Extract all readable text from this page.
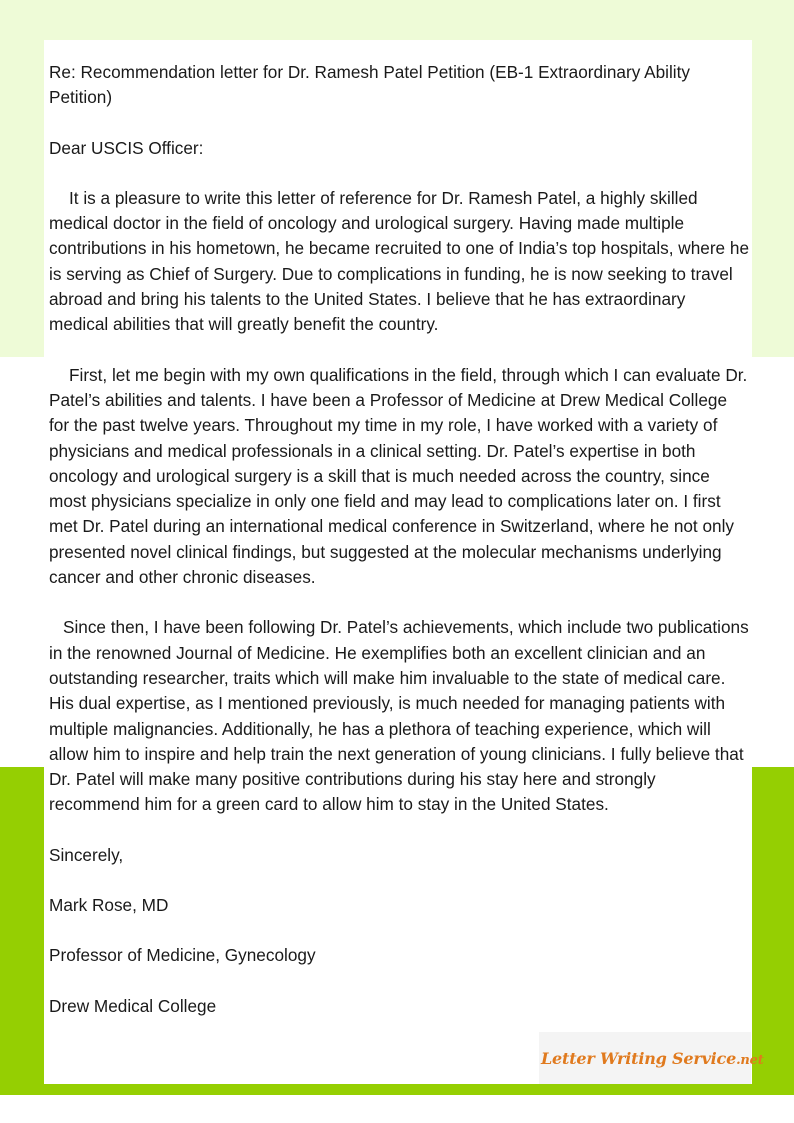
Re: Recommendation letter for Dr. Ramesh Patel Petition (EB-1 Extraordinary Ability Petition)

Dear USCIS Officer:

It is a pleasure to write this letter of reference for Dr. Ramesh Patel, a highly skilled medical doctor in the field of oncology and urological surgery. Having made multiple contributions in his hometown, he became recruited to one of India’s top hospitals, where he is serving as Chief of Surgery. Due to complications in funding, he is now seeking to travel abroad and bring his talents to the United States. I believe that he has extraordinary medical abilities that will greatly benefit the country.

First, let me begin with my own qualifications in the field, through which I can evaluate Dr. Patel’s abilities and talents. I have been a Professor of Medicine at Drew Medical College for the past twelve years. Throughout my time in my role, I have worked with a variety of physicians and medical professionals in a clinical setting. Dr. Patel’s expertise in both oncology and urological surgery is a skill that is much needed across the country, since most physicians specialize in only one field and may lead to complications later on. I first met Dr. Patel during an international medical conference in Switzerland, where he not only presented novel clinical findings, but suggested at the molecular mechanisms underlying cancer and other chronic diseases.

Since then, I have been following Dr. Patel’s achievements, which include two publications in the renowned Journal of Medicine. He exemplifies both an excellent clinician and an outstanding researcher, traits which will make him invaluable to the state of medical care. His dual expertise, as I mentioned previously, is much needed for managing patients with multiple malignancies. Additionally, he has a plethora of teaching experience, which will allow him to inspire and help train the next generation of young clinicians. I fully believe that Dr. Patel will make many positive contributions during his stay here and strongly recommend him for a green card to allow him to stay in the United States.

Sincerely,

Mark Rose, MD

Professor of Medicine, Gynecology

Drew Medical College

Letter Writing Service.net
